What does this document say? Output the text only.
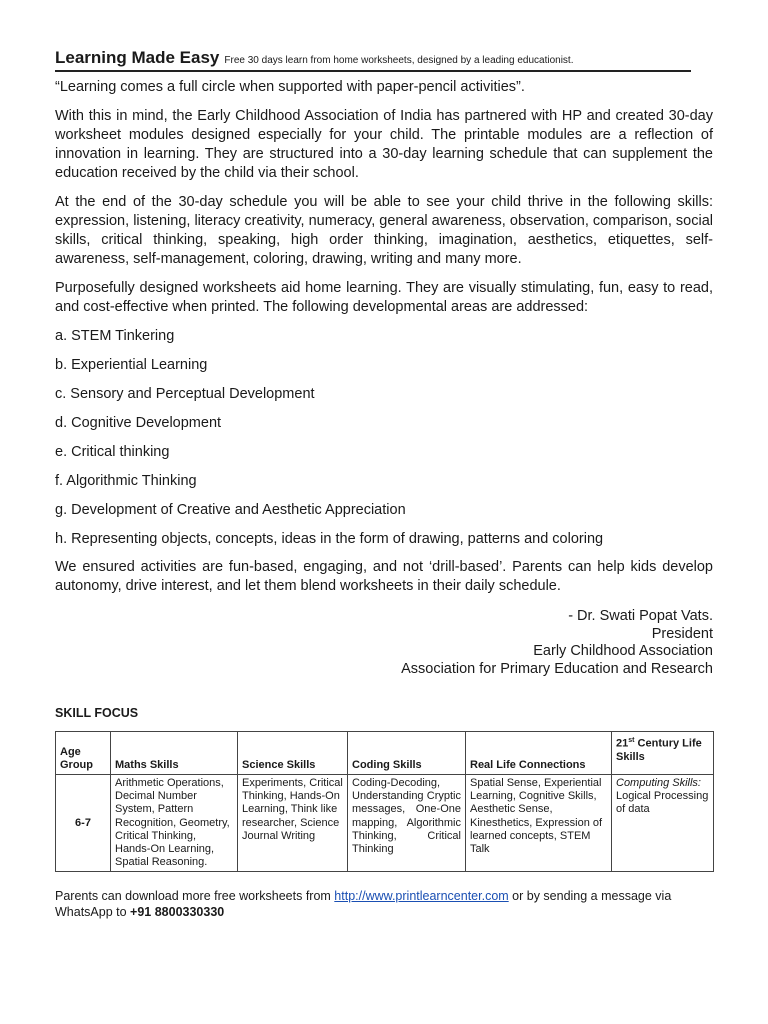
Learning Made Easy Free 30 days learn from home worksheets, designed by a leading educationist.

“Learning comes a full circle when supported with paper-pencil activities”.

With this in mind, the Early Childhood Association of India has partnered with HP and created 30-day worksheet modules designed especially for your child. The printable modules are a reflection of innovation in learning. They are structured into a 30-day learning schedule that can supplement the education received by the child via their school.

At the end of the 30-day schedule you will be able to see your child thrive in the following skills: expression, listening, literacy creativity, numeracy, general awareness, observation, comparison, social skills, critical thinking, speaking, high order thinking, imagination, aesthetics, etiquettes, self-awareness, self-management, coloring, drawing, writing and many more.

Purposefully designed worksheets aid home learning. They are visually stimulating, fun, easy to read, and cost-effective when printed. The following developmental areas are addressed:

a. STEM Tinkering
b. Experiential Learning
c. Sensory and Perceptual Development
d. Cognitive Development
e. Critical thinking
f. Algorithmic Thinking
g. Development of Creative and Aesthetic Appreciation
h. Representing objects, concepts, ideas in the form of drawing, patterns and coloring

We ensured activities are fun-based, engaging, and not ‘drill-based’. Parents can help kids develop autonomy, drive interest, and let them blend worksheets in their daily schedule.

- Dr. Swati Popat Vats.
President
Early Childhood Association
Association for Primary Education and Research
SKILL FOCUS
Age Group	Maths Skills	Science Skills	Coding Skills	Real Life Connections	21st Century Life Skills
6-7	Arithmetic Operations, Decimal Number System, Pattern Recognition, Geometry, Critical Thinking, Hands-On Learning, Spatial Reasoning.	Experiments, Critical Thinking, Hands-On Learning, Think like researcher, Science Journal Writing	Coding-Decoding, Understanding Cryptic messages, One-One mapping, Algorithmic Thinking, Critical Thinking	Spatial Sense, Experiential Learning, Cognitive Skills, Aesthetic Sense, Kinesthetics, Expression of learned concepts, STEM Talk	Computing Skills: Logical Processing of data
Parents can download more free worksheets from http://www.printlearncenter.com or by sending a message via WhatsApp to +91 8800330330
